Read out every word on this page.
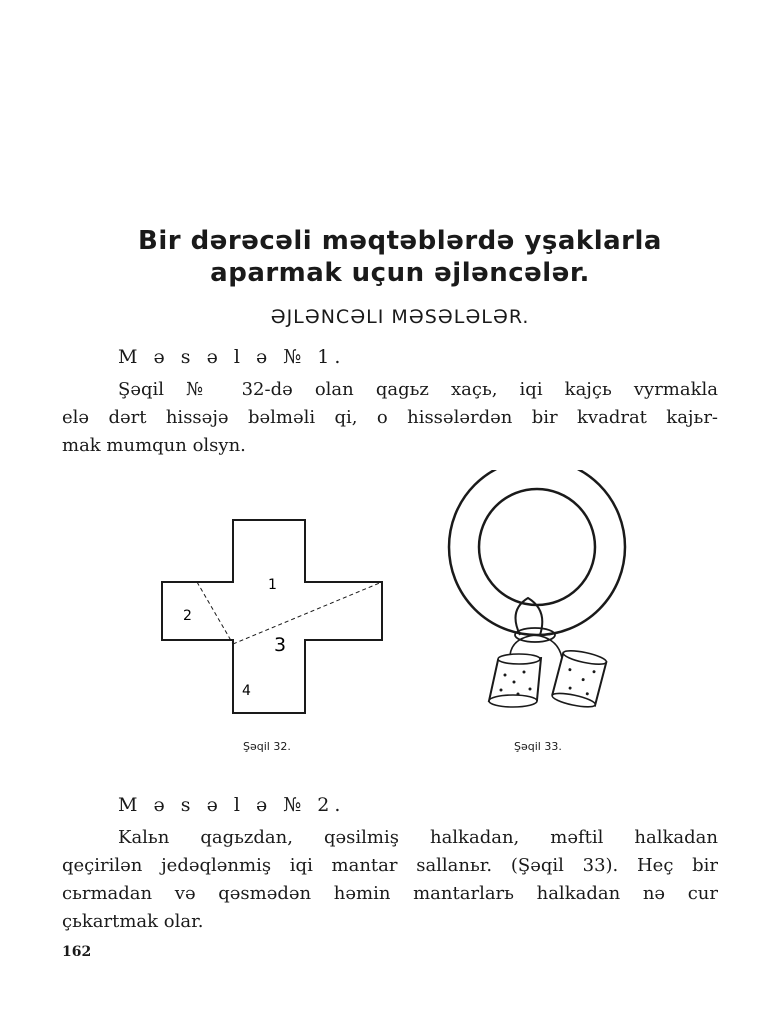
Bir dərəcəli məqtəblərdə yşaklarla
aparmak uçun əjləncələr.
ƏJLƏNCƏLI MƏSƏLƏLƏR.
M ə s ə l ə № 1.
Şəqil № 32-də olan qagьz xaçь, iqi kajçь vyrmakla
elə dərt hissəjə bəlməli qi, o hissələrdən bir kvadrat kajьr-
mak mumqun olsyn.
1
2
3
4
Şəqil 32.	Şəqil 33.
M ə s ə l ə № 2.
Kalьn qagьzdan, qəsilmiş halkadan, məftil halkadan
qeçirilən jedəqlənmiş iqi mantar sallanьr. (Şəqil 33). Heç bir
cьrmadan və qəsmədən həmin mantarlarь halkadan nə cur
çьkartmak olar.
162
